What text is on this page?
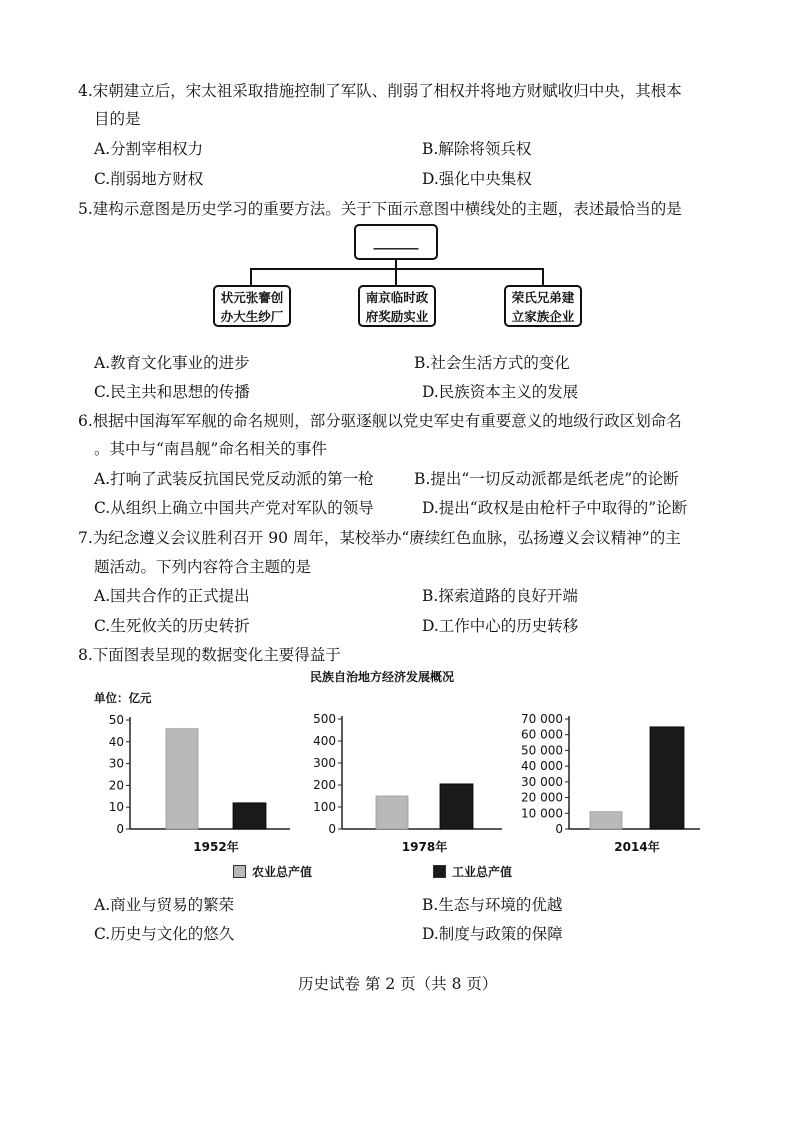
4.宋朝建立后，宋太祖采取措施控制了军队、削弱了相权并将地方财赋收归中央，其根本
目的是
A.分割宰相权力	B.解除将领兵权
C.削弱地方财权	D.强化中央集权
5.建构示意图是历史学习的重要方法。关于下面示意图中横线处的主题，表述最恰当的是
______
状元张謇创
办大生纱厂
南京临时政
府奖励实业
荣氏兄弟建
立家族企业
A.教育文化事业的进步	B.社会生活方式的变化
C.民主共和思想的传播	D.民族资本主义的发展
6.根据中国海军军舰的命名规则，部分驱逐舰以党史军史有重要意义的地级行政区划命名
。其中与“南昌舰”命名相关的事件
A.打响了武装反抗国民党反动派的第一枪	B.提出“一切反动派都是纸老虎”的论断
C.从组织上确立中国共产党对军队的领导	D.提出“政权是由枪杆子中取得的”论断
7.为纪念遵义会议胜利召开 90 周年，某校举办“赓续红色血脉，弘扬遵义会议精神”的主
题活动。下列内容符合主题的是
A.国共合作的正式提出	B.探索道路的良好开端
C.生死攸关的历史转折	D.工作中心的历史转移
8.下面图表呈现的数据变化主要得益于
民族自治地方经济发展概况
单位：亿元
0
10
20
30
40
50
1952年
0
100
200
300
400
500
1978年
0
10 000
20 000
30 000
40 000
50 000
60 000
70 000
2014年
农业总产值	工业总产值
A.商业与贸易的繁荣	B.生态与环境的优越
C.历史与文化的悠久	D.制度与政策的保障
历史试卷 第 2 页（共 8 页）
